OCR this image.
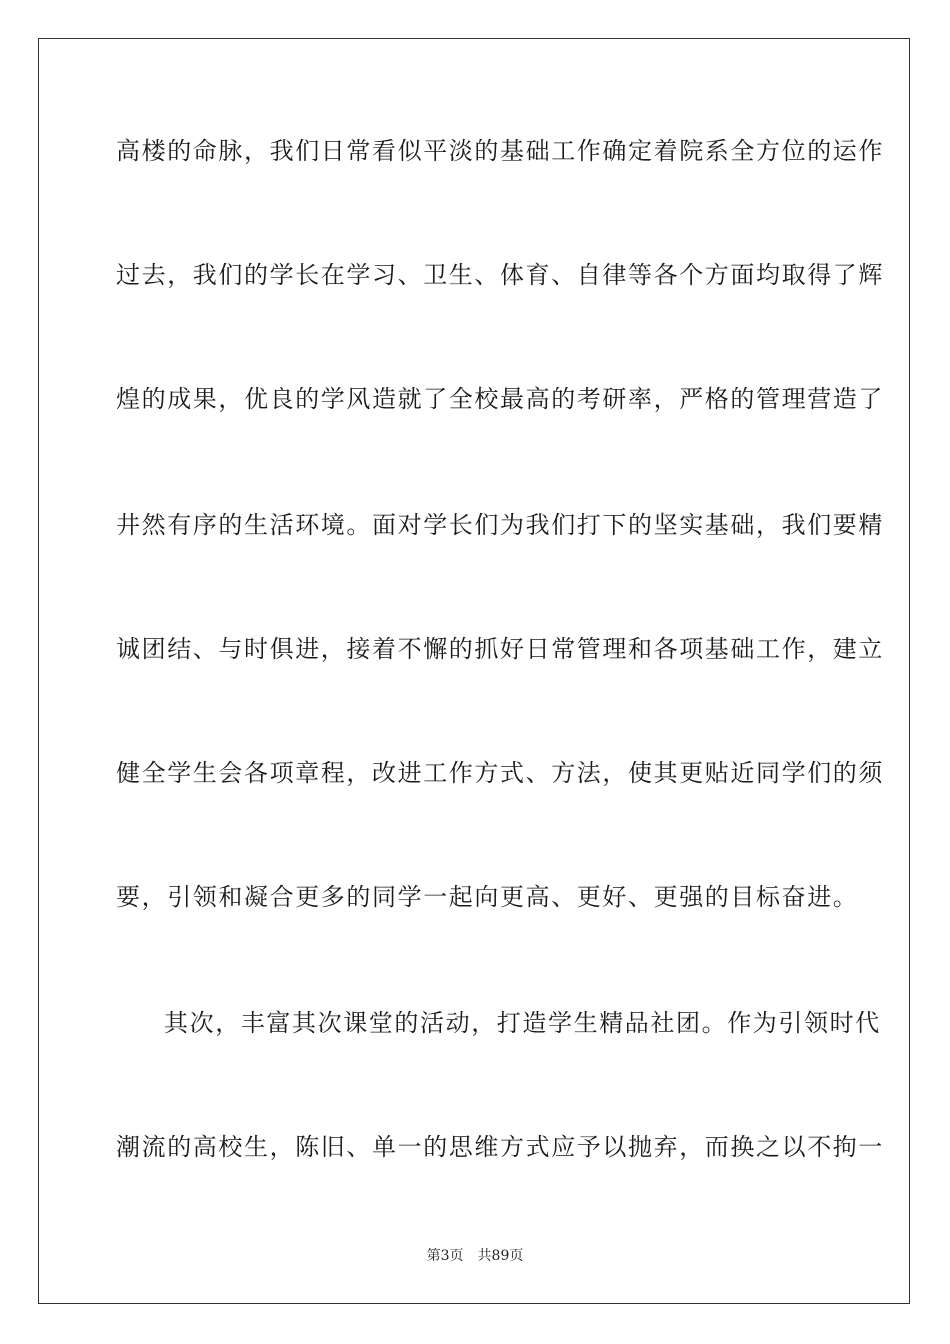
高楼的命脉，我们日常看似平淡的基础工作确定着院系全方位的运作
过去，我们的学长在学习、卫生、体育、自律等各个方面均取得了辉
煌的成果，优良的学风造就了全校最高的考研率，严格的管理营造了
井然有序的生活环境。面对学长们为我们打下的坚实基础，我们要精
诚团结、与时俱进，接着不懈的抓好日常管理和各项基础工作，建立
健全学生会各项章程，改进工作方式、方法，使其更贴近同学们的须
要，引领和凝合更多的同学一起向更高、更好、更强的目标奋进。
其次，丰富其次课堂的活动，打造学生精品社团。作为引领时代
潮流的高校生，陈旧、单一的思维方式应予以抛弃，而换之以不拘一
第3页 共89页
